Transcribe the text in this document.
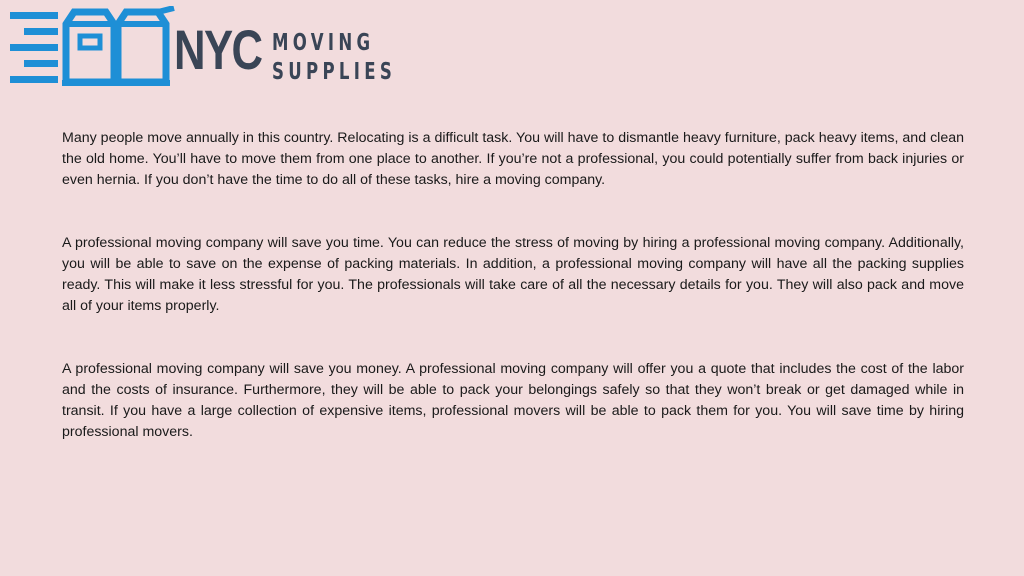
NYC MOVING
SUPPLIES

Many people move annually in this country. Relocating is a difficult task. You will have to dismantle heavy furniture, pack heavy items, and clean the old home. You’ll have to move them from one place to another. If you’re not a professional, you could potentially suffer from back injuries or even hernia. If you don’t have the time to do all of these tasks, hire a moving company.

A professional moving company will save you time. You can reduce the stress of moving by hiring a professional moving company. Additionally, you will be able to save on the expense of packing materials. In addition, a professional moving company will have all the packing supplies ready. This will make it less stressful for you. The professionals will take care of all the necessary details for you. They will also pack and move all of your items properly.

A professional moving company will save you money. A professional moving company will offer you a quote that includes the cost of the labor and the costs of insurance. Furthermore, they will be able to pack your belongings safely so that they won’t break or get damaged while in transit. If you have a large collection of expensive items, professional movers will be able to pack them for you. You will save time by hiring professional movers.
